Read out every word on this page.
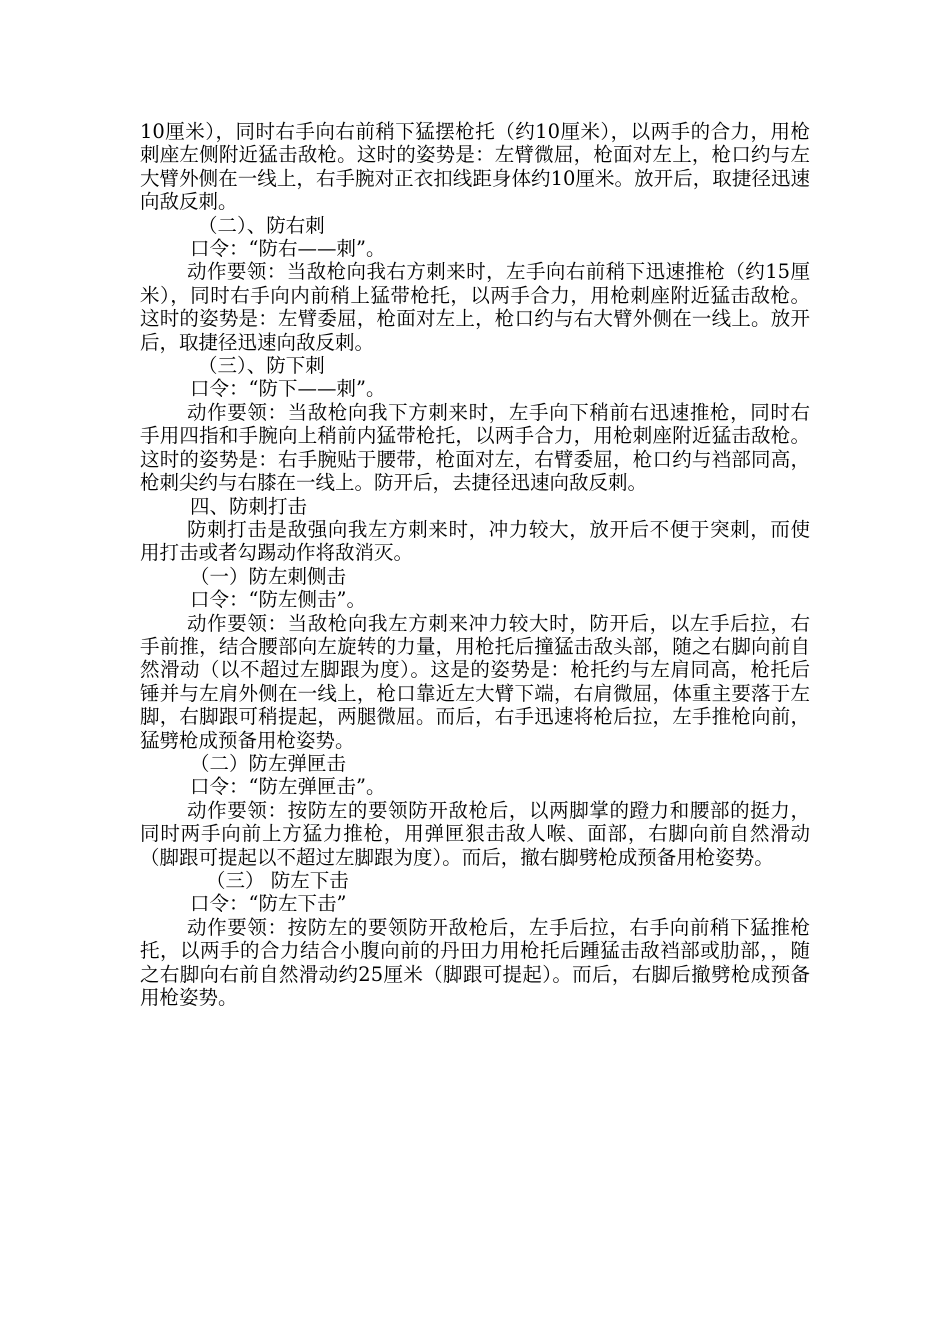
10厘米），同时右手向右前稍下猛摆枪托（约10厘米），以两手的合力，用枪刺座左侧附近猛击敌枪。这时的姿势是：左臂微屈，枪面对左上，枪口约与左大臂外侧在一线上，右手腕对正衣扣线距身体约10厘米。放开后，取捷径迅速向敌反刺。

（二）、防右刺

口令：“防右——刺”。

动作要领：当敌枪向我右方刺来时，左手向右前稍下迅速推枪（约15厘米），同时右手向内前稍上猛带枪托，以两手合力，用枪刺座附近猛击敌枪。这时的姿势是：左臂委屈，枪面对左上，枪口约与右大臂外侧在一线上。放开后，取捷径迅速向敌反刺。

（三）、防下刺

口令：“防下——刺”。

动作要领：当敌枪向我下方刺来时，左手向下稍前右迅速推枪，同时右手用四指和手腕向上稍前内猛带枪托，以两手合力，用枪刺座附近猛击敌枪。这时的姿势是：右手腕贴于腰带，枪面对左，右臂委屈，枪口约与裆部同高，枪刺尖约与右膝在一线上。防开后，去捷径迅速向敌反刺。

四、防刺打击

防刺打击是敌强向我左方刺来时，冲力较大，放开后不便于突刺，而使用打击或者勾踢动作将敌消灭。

（一）防左刺侧击

口令：“防左侧击”。

动作要领：当敌枪向我左方刺来冲力较大时，防开后，以左手后拉，右手前推，结合腰部向左旋转的力量，用枪托后撞猛击敌头部，随之右脚向前自然滑动（以不超过左脚跟为度）。这是的姿势是：枪托约与左肩同高，枪托后锤并与左肩外侧在一线上，枪口靠近左大臂下端，右肩微屈，体重主要落于左脚，右脚跟可稍提起，两腿微屈。而后，右手迅速将枪后拉，左手推枪向前，猛劈枪成预备用枪姿势。

（二）防左弹匣击

口令：“防左弹匣击”。

动作要领：按防左的要领防开敌枪后，以两脚掌的蹬力和腰部的挺力，同时两手向前上方猛力推枪，用弹匣狠击敌人喉、面部，右脚向前自然滑动（脚跟可提起以不超过左脚跟为度）。而后，撤右脚劈枪成预备用枪姿势。

（三） 防左下击

口令：“防左下击”

动作要领：按防左的要领防开敌枪后，左手后拉，右手向前稍下猛推枪托，以两手的合力结合小腹向前的丹田力用枪托后踵猛击敌裆部或肋部，，随之右脚向右前自然滑动约25厘米（脚跟可提起）。而后，右脚后撤劈枪成预备用枪姿势。
